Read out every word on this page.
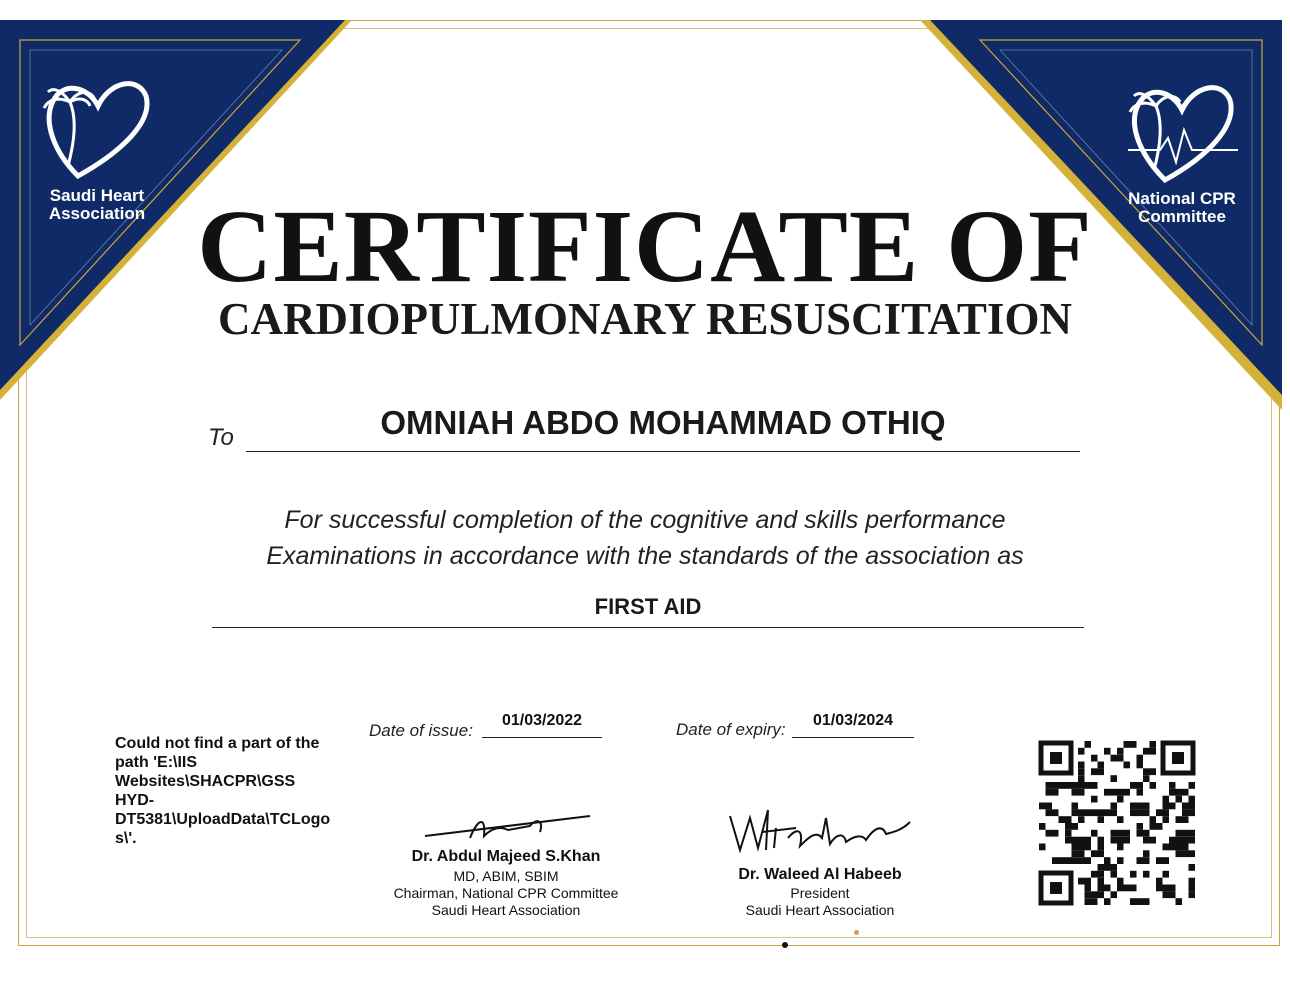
Saudi Heart
Association
National CPR
Committee
CERTIFICATE OF
CARDIOPULMONARY RESUSCITATION
To	OMNIAH ABDO MOHAMMAD OTHIQ
For successful completion of the cognitive and skills performance
Examinations in accordance with the standards of the association as
FIRST AID
Could not find a part of the path 'E:\IIS Websites\SHACPR\GSS HYD-DT5381\UploadData\TCLogos\'.
Date of issue:
01/03/2022	Date of expiry:	01/03/2024
Dr. Abdul Majeed S.Khan
MD, ABIM, SBIM
Chairman, National CPR Committee
Saudi Heart Association
Dr. Waleed Al Habeeb
President
Saudi Heart Association
